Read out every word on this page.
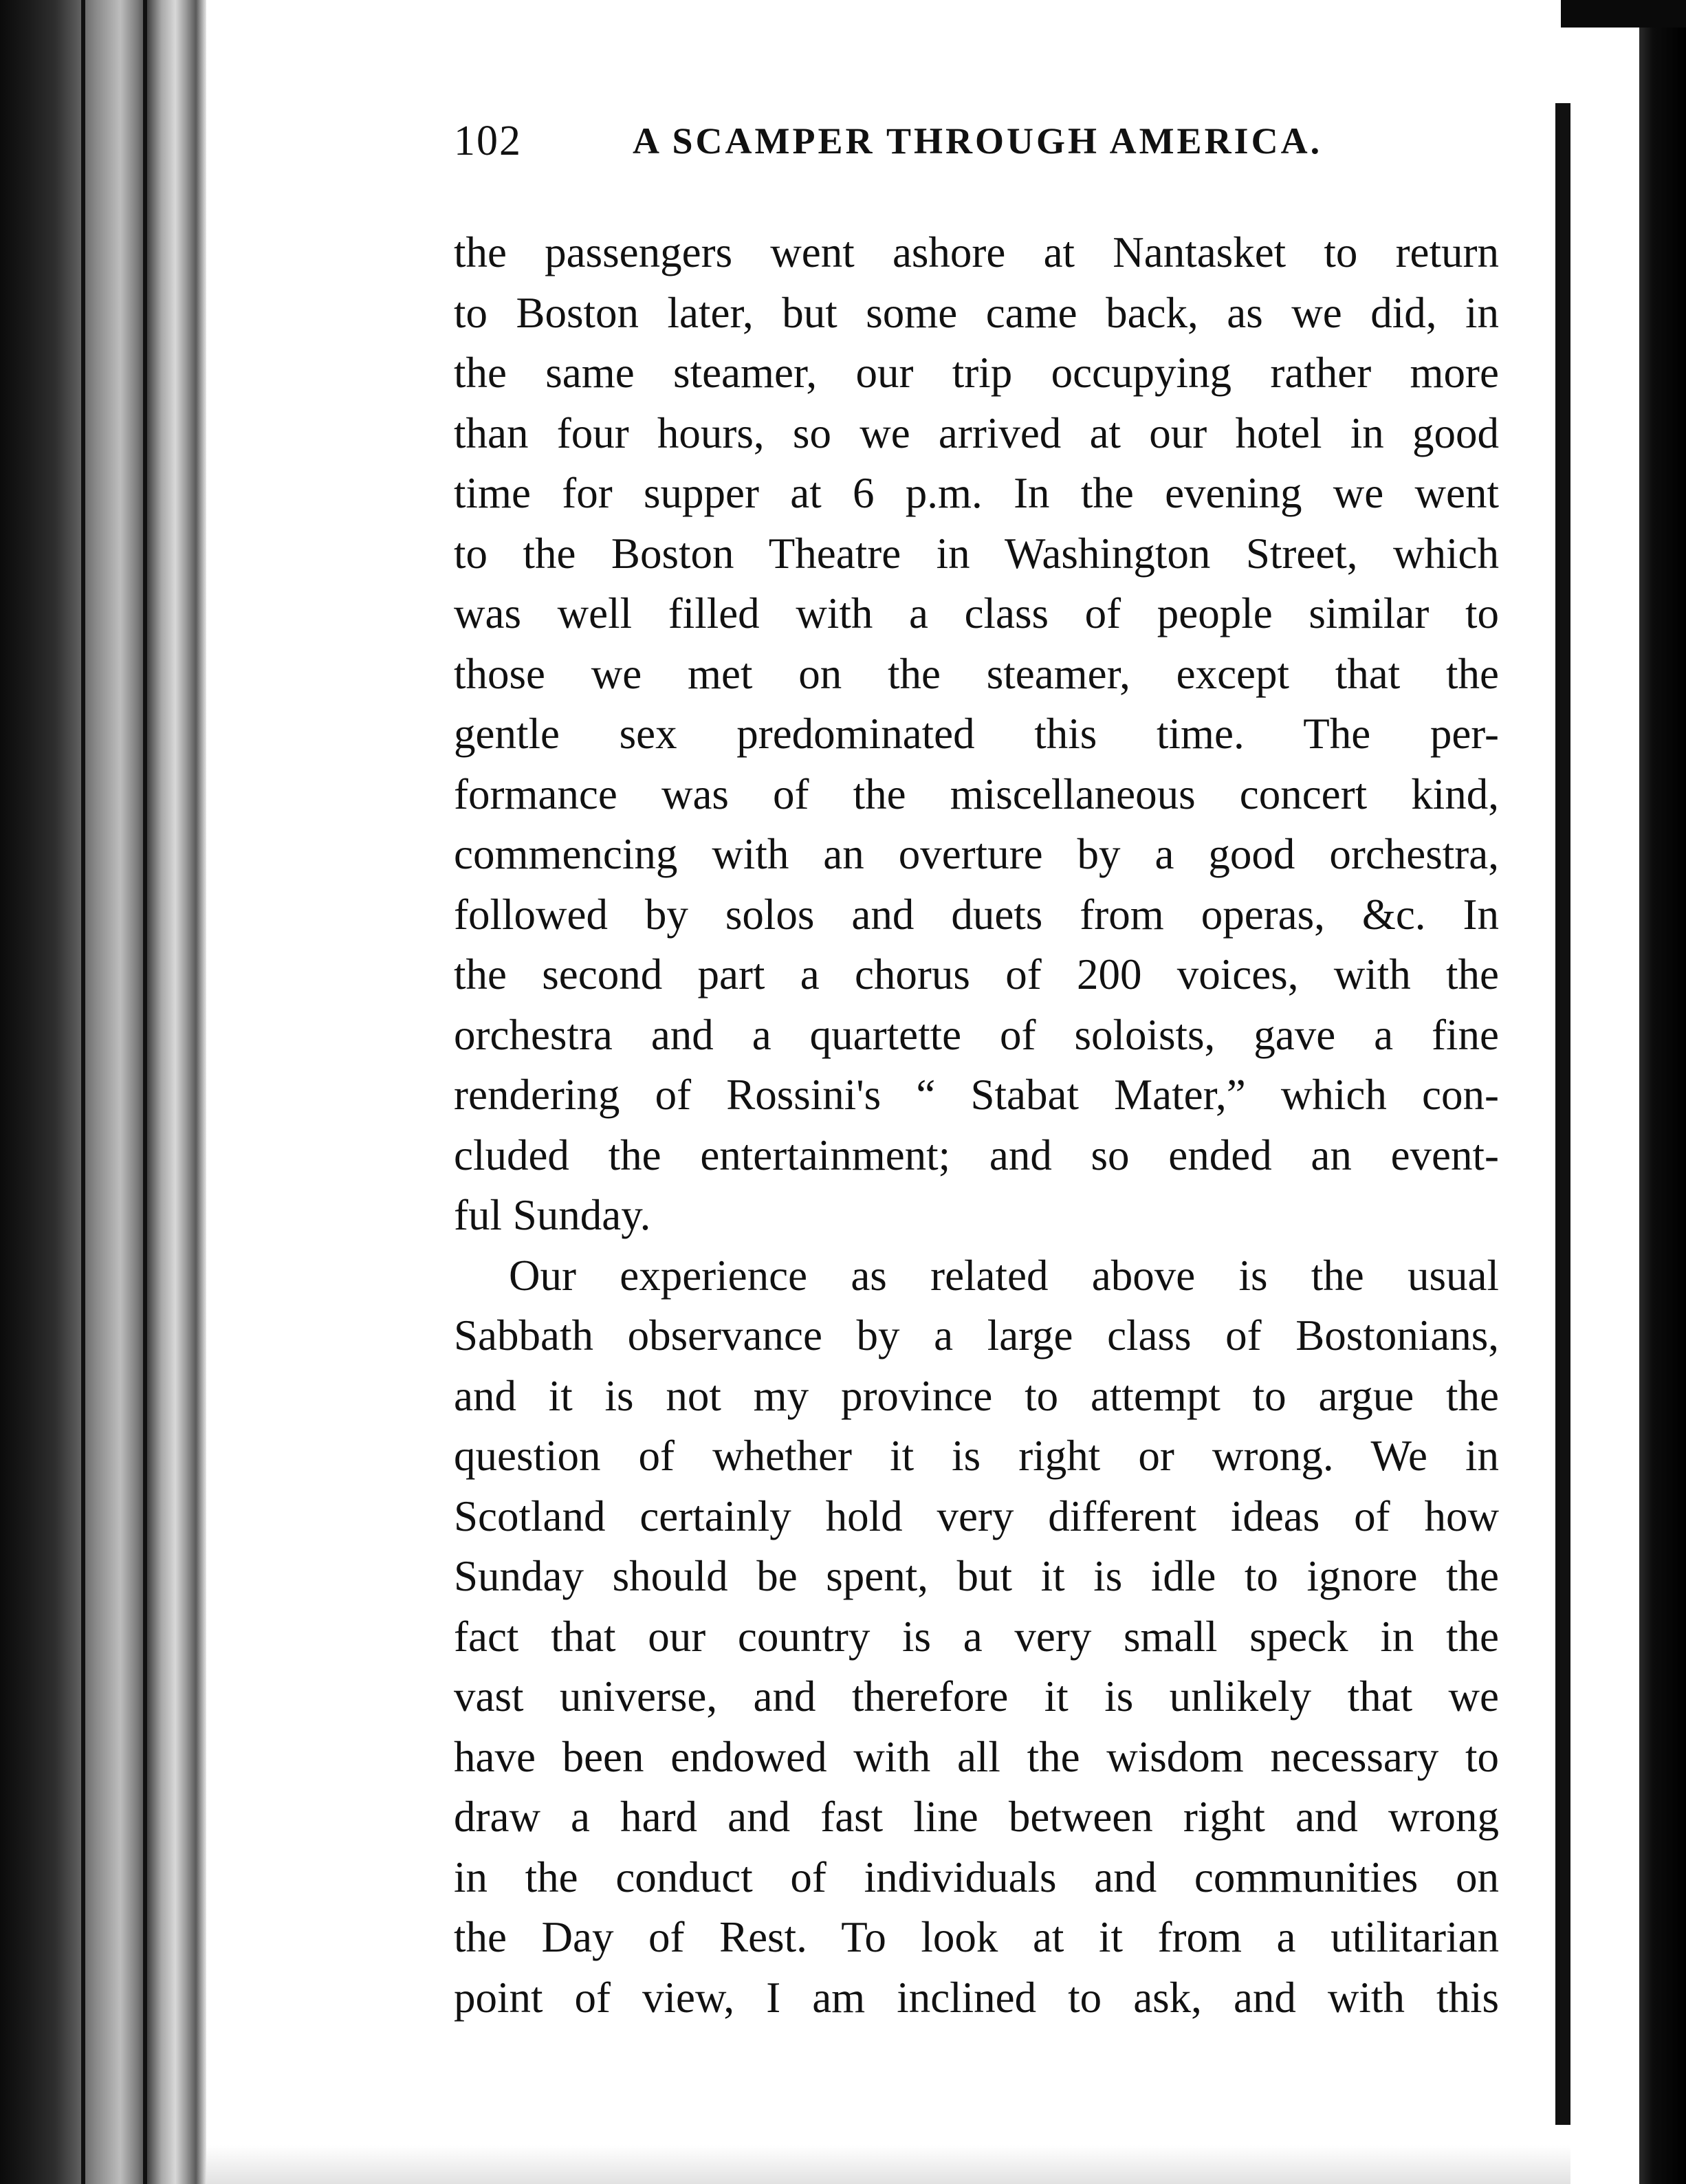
102	A SCAMPER THROUGH AMERICA.
the passengers went ashore at Nantasket to return
to Boston later, but some came back, as we did, in
the same steamer, our trip occupying rather more
than four hours, so we arrived at our hotel in good
time for supper at 6 p.m. In the evening we went
to the Boston Theatre in Washington Street, which
was well filled with a class of people similar to
those we met on the steamer, except that the
gentle sex predominated this time. The per-
formance was of the miscellaneous concert kind,
commencing with an overture by a good orchestra,
followed by solos and duets from operas, &c. In
the second part a chorus of 200 voices, with the
orchestra and a quartette of soloists, gave a fine
rendering of Rossini's “ Stabat Mater,” which con-
cluded the entertainment; and so ended an event-
ful Sunday.
Our experience as related above is the usual
Sabbath observance by a large class of Bostonians,
and it is not my province to attempt to argue the
question of whether it is right or wrong. We in
Scotland certainly hold very different ideas of how
Sunday should be spent, but it is idle to ignore the
fact that our country is a very small speck in the
vast universe, and therefore it is unlikely that we
have been endowed with all the wisdom necessary to
draw a hard and fast line between right and wrong
in the conduct of individuals and communities on
the Day of Rest. To look at it from a utilitarian
point of view, I am inclined to ask, and with this
